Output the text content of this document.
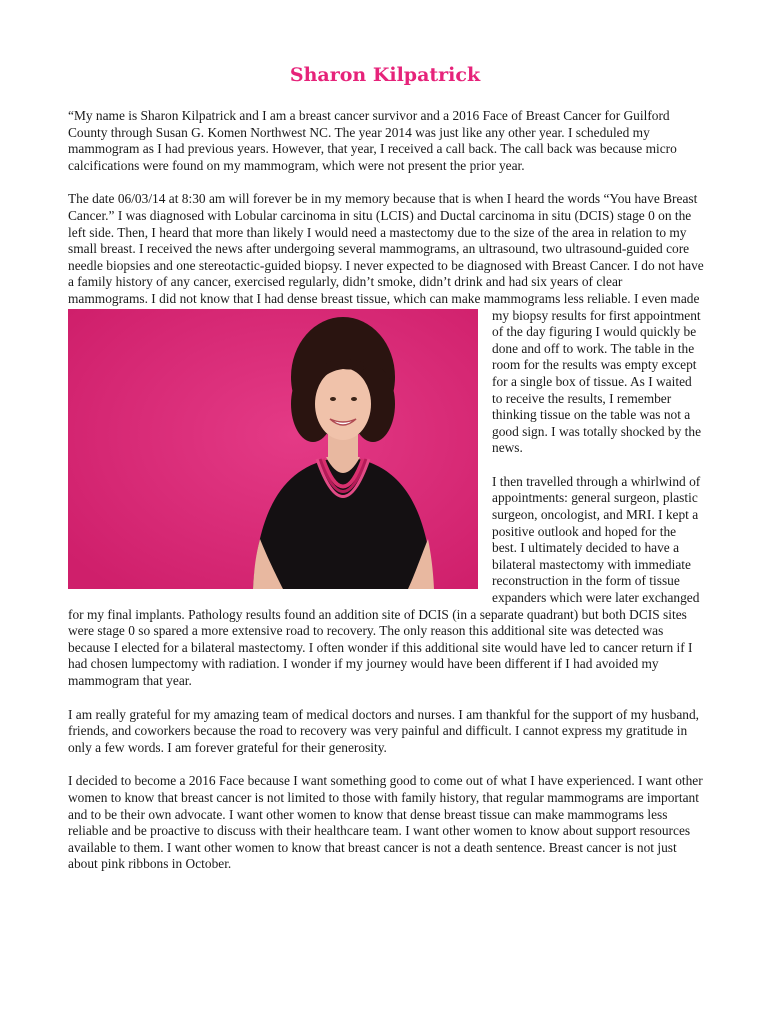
Sharon Kilpatrick

“My name is Sharon Kilpatrick and I am a breast cancer survivor and a 2016 Face of Breast Cancer for Guilford County through Susan G. Komen Northwest NC. The year 2014 was just like any other year. I scheduled my mammogram as I had previous years. However, that year, I received a call back. The call back was because micro calcifications were found on my mammogram, which were not present the prior year.

The date 06/03/14 at 8:30 am will forever be in my memory because that is when I heard the words “You have Breast Cancer.” I was diagnosed with Lobular carcinoma in situ (LCIS) and Ductal carcinoma in situ (DCIS) stage 0 on the left side. Then, I heard that more than likely I would need a mastectomy due to the size of the area in relation to my small breast. I received the news after undergoing several mammograms, an ultrasound, two ultrasound-guided core needle biopsies and one stereotactic-guided biopsy. I never expected to be diagnosed with Breast Cancer. I do not have a family history of any cancer, exercised regularly, didn’t smoke, didn’t drink and had six years of clear mammograms. I did not know that I had
dense breast tissue, which can make mammograms less reliable. I even made my biopsy results for first appointment of the day figuring I would quickly be done and off to work. The table in the room for the results was empty except for a single box of tissue. As I waited to receive the results, I remember thinking tissue on the table was not a good sign. I was totally shocked by the news.

I then travelled through a whirlwind of appointments: general surgeon, plastic surgeon, oncologist, and MRI. I kept a positive outlook and hoped for the best. I ultimately decided to have a bilateral mastectomy with immediate reconstruction in the form of tissue expanders which were later exchanged for my final implants. Pathology results found an addition site of DCIS (in a separate quadrant) but both DCIS sites were stage 0 so spared a more extensive road to recovery. The only reason this additional site was detected was because I elected for a bilateral mastectomy. I often wonder if this additional site would have led to cancer return if I had chosen lumpectomy with radiation. I wonder if my journey would have been different if I had avoided my mammogram that year.

I am really grateful for my amazing team of medical doctors and nurses. I am thankful for the support of my husband, friends, and coworkers because the road to recovery was very painful and difficult. I cannot express my gratitude in only a few words. I am forever grateful for their generosity.

I decided to become a 2016 Face because I want something good to come out of what I have experienced. I want other women to know that breast cancer is not limited to those with family history, that regular mammograms are important and to be their own advocate. I want other women to know that dense breast tissue can make mammograms less reliable and be proactive to discuss with their healthcare team. I want other women to know about support resources available to them. I want other women to know that breast cancer is not a death sentence. Breast cancer is not just about pink ribbons in October.
